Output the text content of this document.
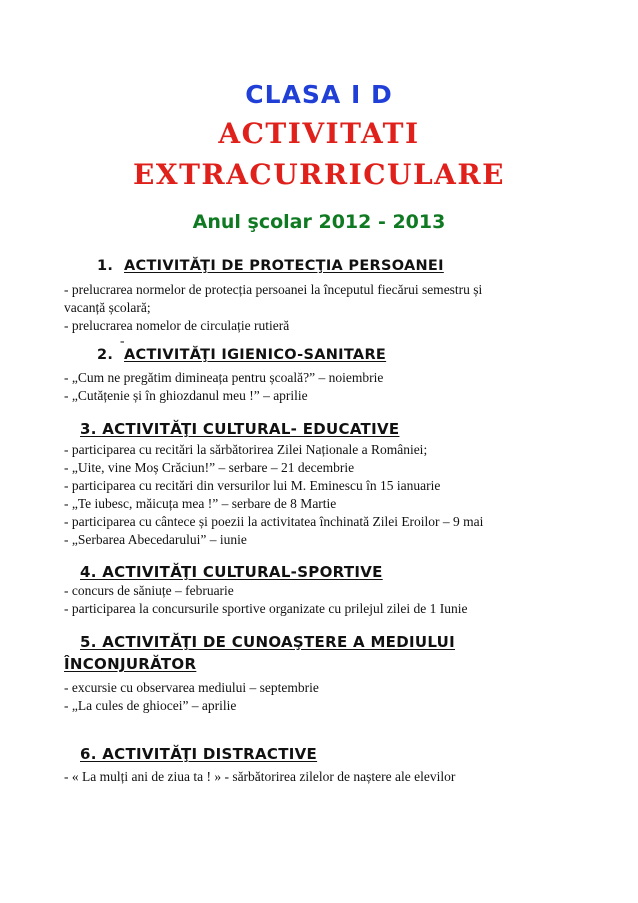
CLASA I D
ACTIVITATI
EXTRACURRICULARE
Anul şcolar 2012 - 2013
1. ACTIVITĂŢI DE PROTECŢIA PERSOANEI
- prelucrarea normelor de protecția persoanei la începutul fiecărui semestru și
vacanță școlară;
- prelucrarea nomelor de circulație rutieră
-
2. ACTIVITĂŢI IGIENICO-SANITARE
- „Cum ne pregătim dimineața pentru școală?” – noiembrie
- „Cutățenie și în ghiozdanul meu !” – aprilie
3. ACTIVITĂŢI CULTURAL- EDUCATIVE
- participarea cu recitări la sărbătorirea Zilei Naționale a României;
- „Uite, vine Moș Crăciun!” – serbare – 21 decembrie
- participarea cu recitări din versurilor lui M. Eminescu în 15 ianuarie
- „Te iubesc, măicuța mea !” – serbare de 8 Martie
- participarea cu cântece și poezii la activitatea închinată Zilei Eroilor – 9 mai
- „Serbarea Abecedarului” – iunie
4. ACTIVITĂŢI CULTURAL-SPORTIVE
- concurs de săniuțe – februarie
- participarea la concursurile sportive organizate cu prilejul zilei de 1 Iunie
5. ACTIVITĂŢI DE CUNOAŞTERE A MEDIULUI
ÎNCONJURĂTOR
- excursie cu observarea mediului – septembrie
- „La cules de ghiocei” – aprilie
6. ACTIVITĂŢI DISTRACTIVE
- « La mulți ani de ziua ta ! » - sărbătorirea zilelor de naștere ale elevilor
